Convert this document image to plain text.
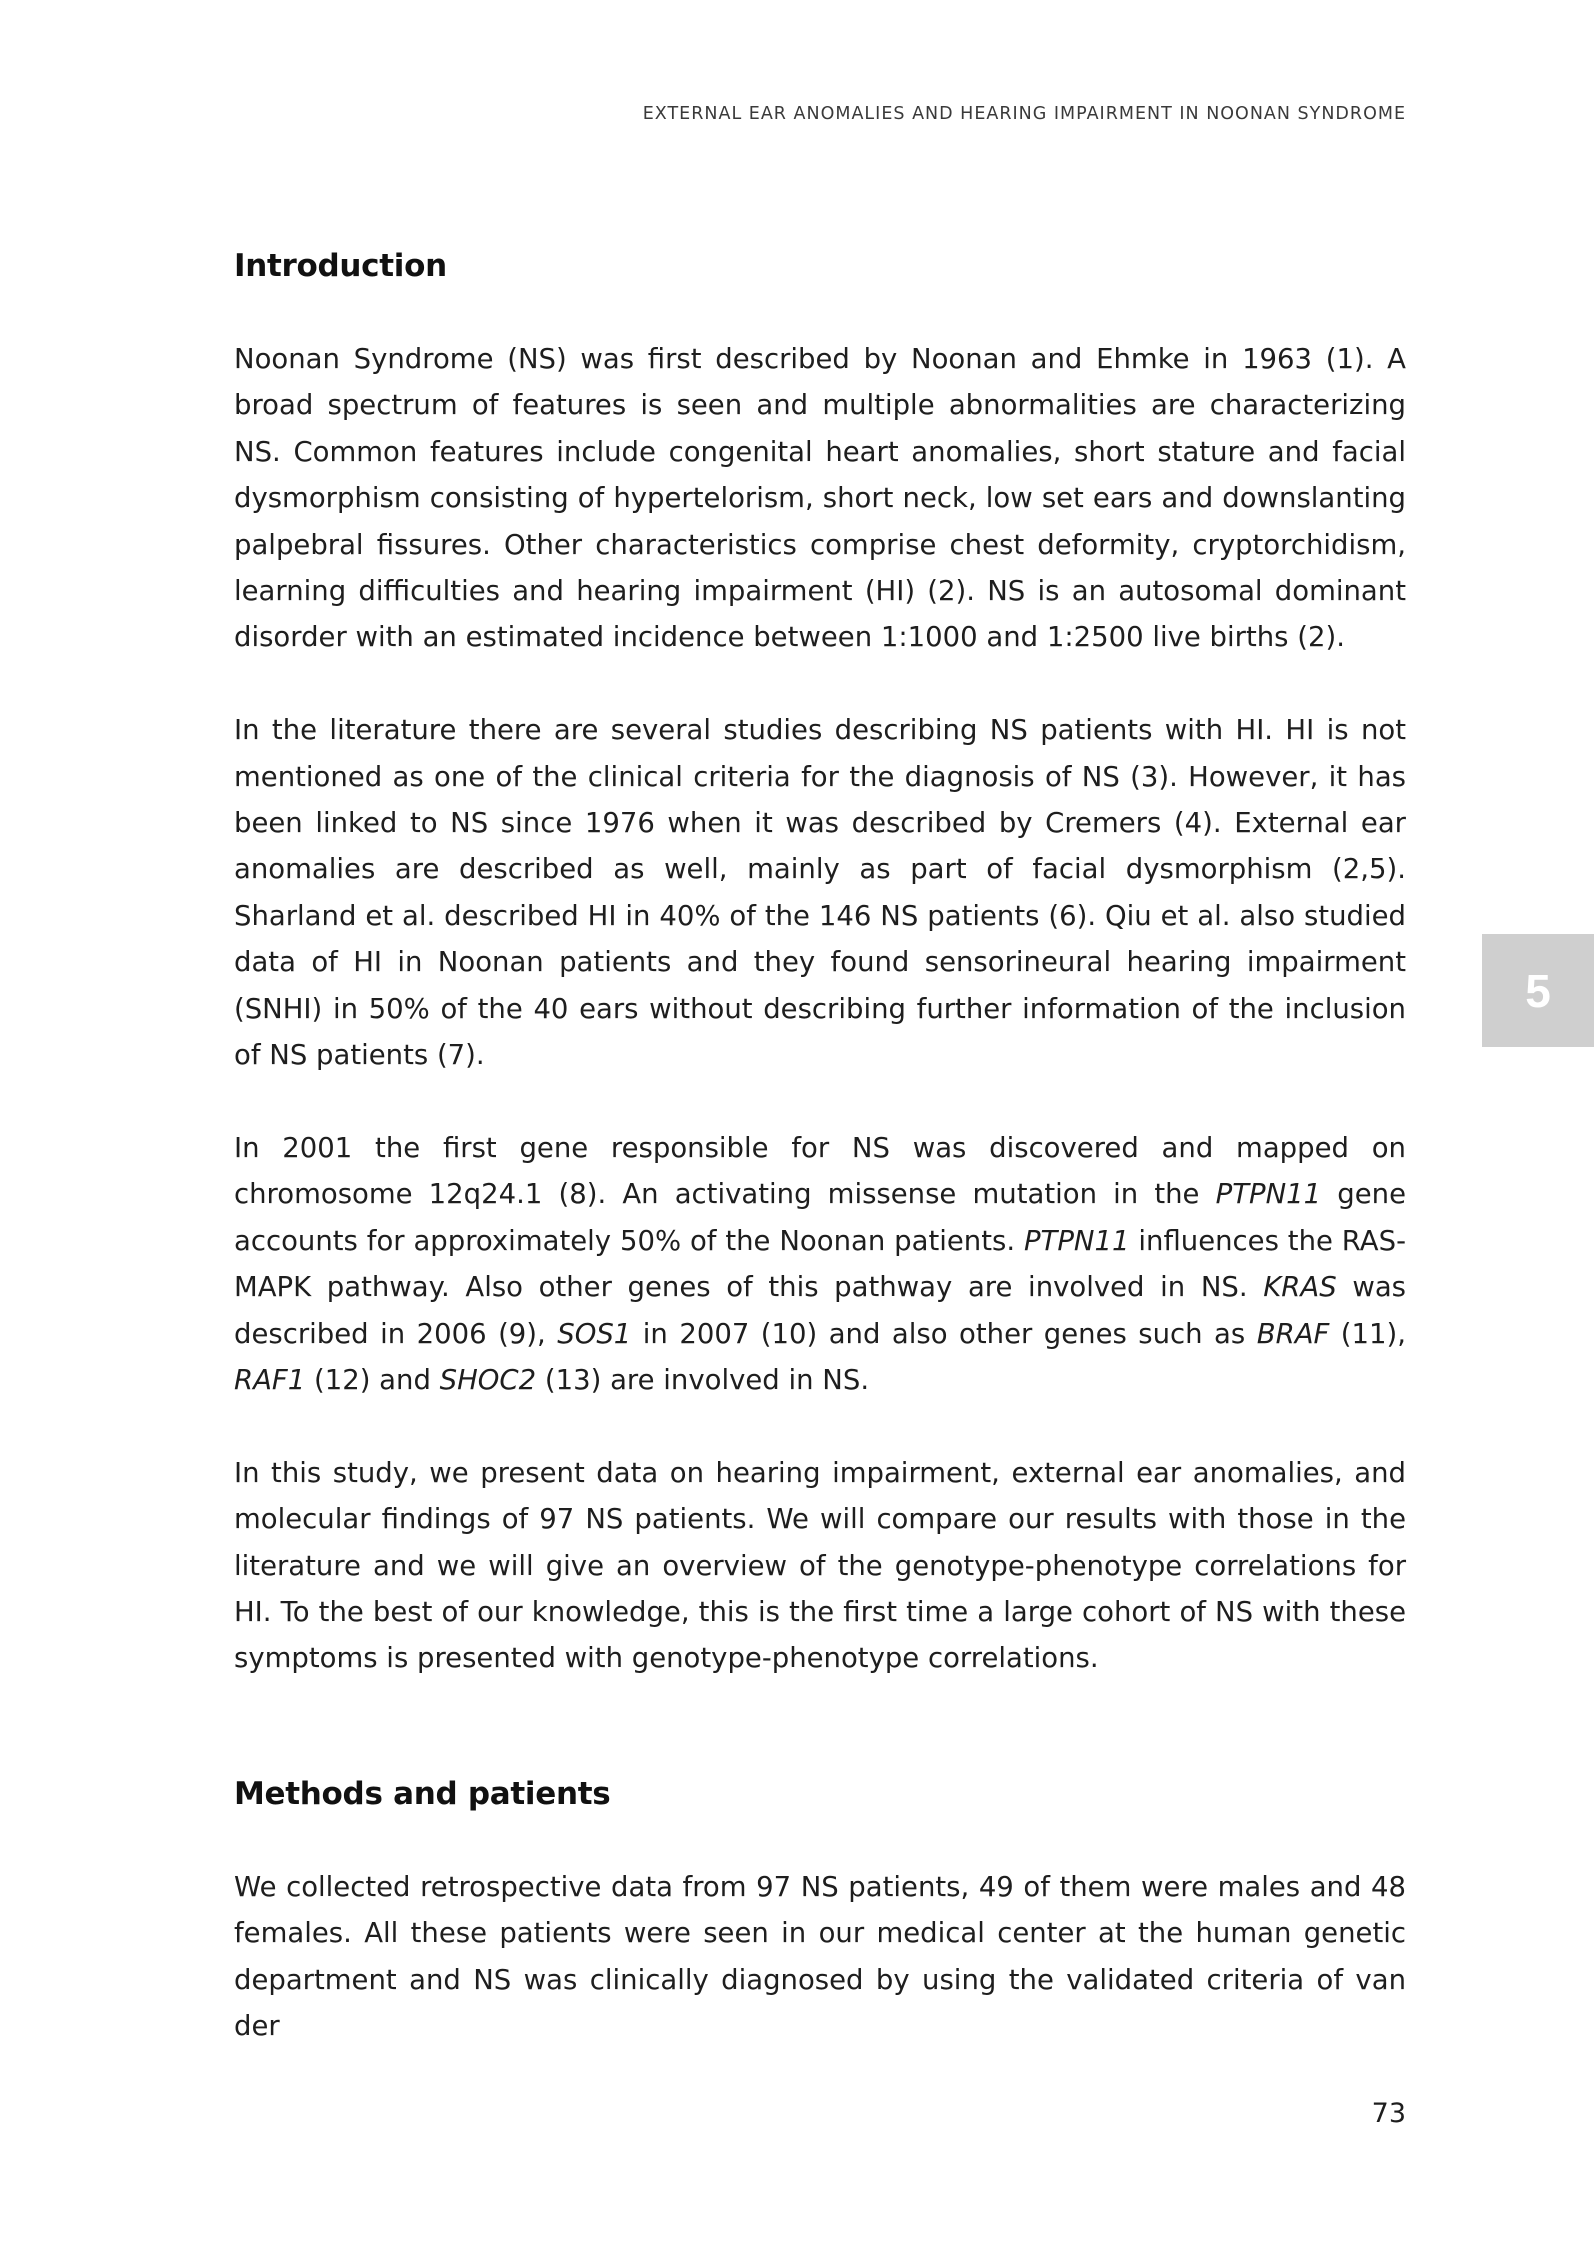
EXTERNAL EAR ANOMALIES AND HEARING IMPAIRMENT IN NOONAN SYNDROME
Introduction

Noonan Syndrome (NS) was first described by Noonan and Ehmke in 1963 (1). A broad spectrum of features is seen and multiple abnormalities are characterizing NS. Common features include congenital heart anomalies, short stature and facial dysmorphism consisting of hypertelorism, short neck, low set ears and downslanting palpebral fissures. Other characteristics comprise chest deformity, cryptorchidism, learning difficulties and hearing impairment (HI) (2). NS is an autosomal dominant disorder with an estimated incidence between 1:1000 and 1:2500 live births (2).

In the literature there are several studies describing NS patients with HI. HI is not mentioned as one of the clinical criteria for the diagnosis of NS (3). However, it has been linked to NS since 1976 when it was described by Cremers (4). External ear anomalies are described as well, mainly as part of facial dysmorphism (2,5). Sharland et al. described HI in 40% of the 146 NS patients (6). Qiu et al. also studied data of HI in Noonan patients and they found sensorineural hearing impairment (SNHI) in 50% of the 40 ears without describing further information of the inclusion of NS patients (7).

In 2001 the first gene responsible for NS was discovered and mapped on chromosome 12q24.1 (8). An activating missense mutation in the PTPN11 gene accounts for approximately 50% of the Noonan patients. PTPN11 influences the RAS-MAPK pathway. Also other genes of this pathway are involved in NS. KRAS was described in 2006 (9), SOS1 in 2007 (10) and also other genes such as BRAF (11), RAF1 (12) and SHOC2 (13) are involved in NS.

In this study, we present data on hearing impairment, external ear anomalies, and molecular findings of 97 NS patients. We will compare our results with those in the literature and we will give an overview of the genotype-phenotype correlations for HI. To the best of our knowledge, this is the first time a large cohort of NS with these symptoms is presented with genotype-phenotype correlations.

Methods and patients

We collected retrospective data from 97 NS patients, 49 of them were males and 48 females. All these patients were seen in our medical center at the human genetic department and NS was clinically diagnosed by using the validated criteria of van der

5
73
